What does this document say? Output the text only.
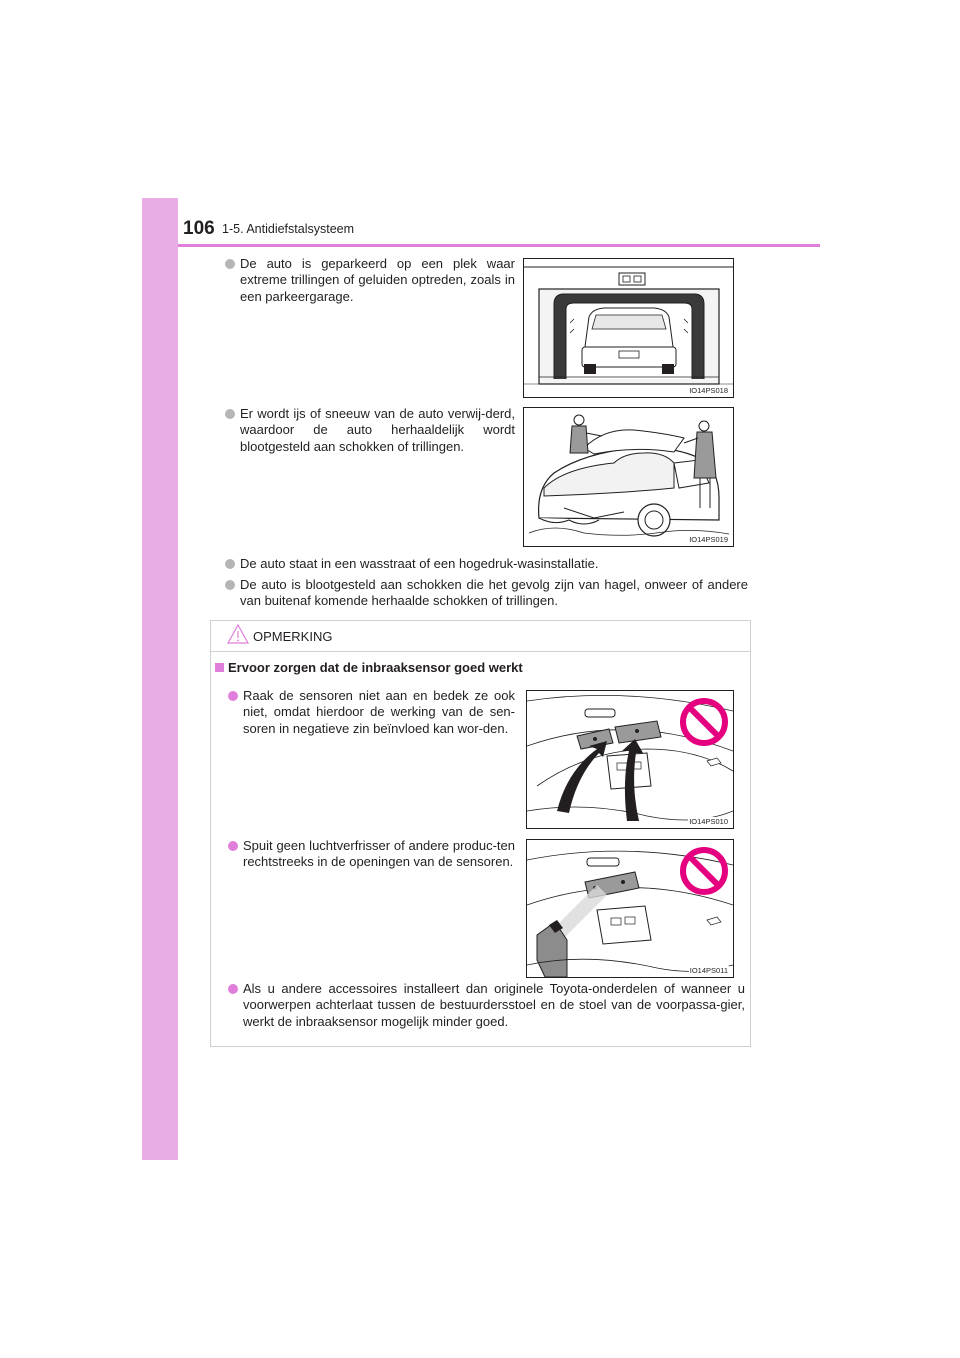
106 1-5. Antidiefstalsysteem
De auto is geparkeerd op een plek waar extreme trillingen of geluiden optreden, zoals in een parkeergarage.
IO14PS018
Er wordt ijs of sneeuw van de auto verwij-derd, waardoor de auto herhaaldelijk wordt blootgesteld aan schokken of trillingen.
IO14PS019
De auto staat in een wasstraat of een hogedruk-wasinstallatie.
De auto is blootgesteld aan schokken die het gevolg zijn van hagel, onweer of andere van buitenaf komende herhaalde schokken of trillingen.
OPMERKING
Ervoor zorgen dat de inbraaksensor goed werkt
Raak de sensoren niet aan en bedek ze ook niet, omdat hierdoor de werking van de sen-soren in negatieve zin beïnvloed kan wor-den.
IO14PS010
Spuit geen luchtverfrisser of andere produc-ten rechtstreeks in de openingen van de sensoren.
IO14PS011
Als u andere accessoires installeert dan originele Toyota-onderdelen of wanneer u voorwerpen achterlaat tussen de bestuurdersstoel en de stoel van de voorpassa-gier, werkt de inbraaksensor mogelijk minder goed.
